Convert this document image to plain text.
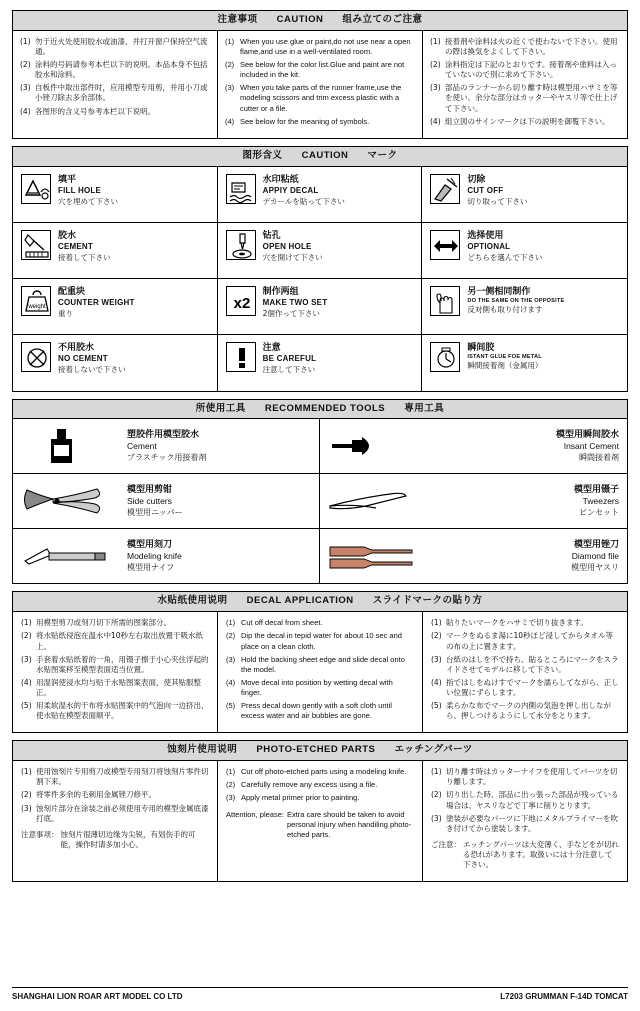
注意事项 CAUTION 组み立てのご注意
(1) 勿于近火处使用胶水或油漆，并打开窗户保持空气流通。
(2) 涂料的号码请参考本栏以下的说明。本品本身不包括胶水和涂料。
(3) 自板件中取出部件时，应用模型专用剪，并用小刀或小锉刀除去多余部体。
(4) 各图形的含义号参考本栏以下说明。
(1) When you use glue or paint,do not use near a open flame,and use in a well-ventilated room.
(2) See below for the color list.Glue and paint are not included in the kit.
(3) When you take parts of the runner frame,use the modeling scissors and trim excess plastic with a cutter or a file.
(4) See below for the meaning of symbols.
(1) 接着剤や涂料は火の近くで使わないで下さい。使用の際は換気をよくして下さい。
(2) 涂料指定は下記のとおりです。接着剤や塗料は入っていないので別に求めて下さい。
(3) 部品のランナーから切り離す時は模型用ハサミを等を使い、余分な部分はカッターやヤスリ等で仕上げて下さい。
(4) 組立図のサインマークは下の説明を御覧下さい。
图形含义 CAUTION マーク
填平
FILL HOLE
穴を埋めて下さい
水印粘纸
APPIY DECAL
デカールを貼って下さい
切除
CUT OFF
切り取って下さい
胶水
CEMENT
接着して下さい
钻孔
OPEN HOLE
穴を開けて下さい
选择使用
OPTIONAL
どちらを選んで下さい
weight
配重块
COUNTER WEIGHT
重り
x2
制作两组
MAKE TWO SET
2個作って下さい
另一侧相同制作
DO THE SAME ON THE OPPOSITE
反対側も取り付けます
不用胶水
NO CEMENT
接着しないで下さい
注意
BE CAREFUL
注意して下さい
瞬间胶
ISTANT GLUE FOE METAL
瞬間接着剤（金属用）
所使用工具 RECOMMENDED TOOLS 専用工具
塑胶件用模型胶水
Cement
プラスチック用接着剤
模型用瞬间胶水
Insant Cement
瞬間接着剤
模型用剪钳
Side cutters
模型用ニッパー
模型用镊子
Tweezers
ピンセット
模型用刻刀
Modeling knife
模型用ナイフ
模型用锉刀
Diamond file
模型用ヤスリ
水贴纸使用说明 DECAL APPLICATION スライドマークの貼り方
(1) 用模型剪刀或刻刀切下所需的图案部分。
(2) 将水贴纸侵泡在温水中10秒左右取出放置于吸水纸上。
(3) 手套着水贴纸着的一角，用镊子擦于小心夹住浮起的水贴图案移至模型表面适当位置。
(4) 用湿润使浸水均与贴于水贴图案表面，使其贴服整正。
(5) 用柔软湿水的干布将水贴图案中的气泡向一边挤出，使水贴在模型表面顺平。
(1) Cut off decal from sheet.
(2) Dip the decal in tepid water for about 10 sec and place on a clean cloth.
(3) Hold the backing sheet edge and slide decal onto the model.
(4) Move decal into position by wetting decal with finger.
(5) Press decal down gently with a soft cloth until excess water and air bubbles are gone.
(1) 貼りたいマークをハサミで切り抜きます。
(2) マークをぬるま湯に10秒ほど浸してからタオル等の布の上に置きます。
(3) 台紙のはしを不で持ち、貼るところにマークをスライドさせてモデルに移して下さい。
(4) 指ではしをぬけすでマークを濡らしてながら、正しい位置にずらします。
(5) 柔らかな布でマークの内側の気泡を押し出しながら、押しつけるようにして水分をとります。
蚀刻片使用说明 PHOTO-ETCHED PARTS エッチングパーツ
(1) 使用蚀刻片专用剪刀或模型专用刻刀将蚀刻片零件切割下来。
(2) 将零件多余的毛刺用金属锉刀修平。
(3) 蚀刻片部分在涂装之前必须使用专用的模型金属底漆打底。
注意事项： 蚀刻片很薄切边缘为尖锐，有划伤手的可能，操作时请多加小心。
(1) Cut off photo-etched parts using a modeling knife.
(2) Carefully remove any excess using a file.
(3) Apply metal primer prior to painting.
Attention, please: Extra care should be taken to avoid personal injury when handiling photo-etched parts.
(1) 切り離す時はカッターナイフを使用してパーツを切り離します。
(2) 切り出した時、部品に出っ張った部品が残っている場合は、ヤスリなどで丁寧に削りとります。
(3) 塗装が必要なパーツに下地にメタルプライマーを吹き付けてから塗装します。
ご注意： エッチングパーツは大変薄く、手などをが切れる恐れがあります。取扱いには十分注意して下さい。
SHANGHAI LION ROAR ART MODEL CO LTD	L7203 GRUMMAN F-14D TOMCAT
